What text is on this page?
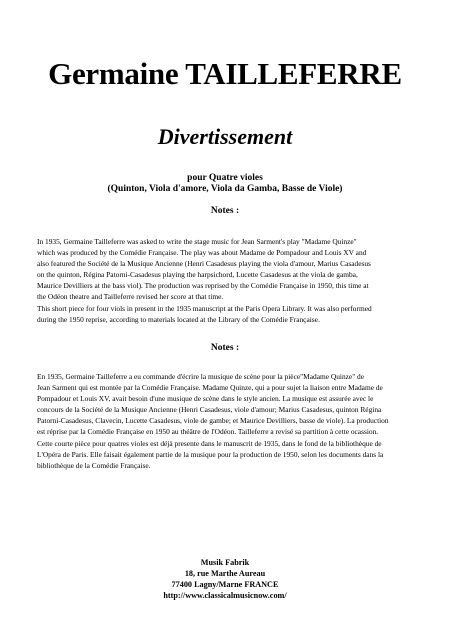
Germaine TAILLEFERRE
Divertissement
pour Quatre violes
(Quinton, Viola d'amore, Viola da Gamba, Basse de Viole)
Notes :
In 1935, Germaine Tailleferre was asked to write the stage music for Jean Sarment's play "Madame Quinze"
which was produced by the Comédie Française. The play was about Madame de Pompadour and Louis XV and
also featured the Société de la Musique Ancienne (Henri Casadesus playing the viola d'amour, Marius Casadesus
on the quinton, Régina Patorni-Casadesus playing the harpsichord, Lucette Casadesus at the viola de gamba,
Maurice Devilliers at the bass viol). The production was reprised by the Comédie Française in 1950, this time at
the Odéon theatre and Tailleferre revised her score at that time.
This short piece for four viols in present in the 1935 manuscript at the Paris Opera Library. It was also performed
during the 1950 reprise, according to materials located at the Library of the Comédie Française.
Notes :
En 1935, Germaine Tailleferre a eu commande d'écrire la musique de scène pour la pièce"Madame Quinze" de
Jean Sarment qui est montée par la Comédie Française. Madame Quinze, qui a pour sujet la liaison entre Madame de
Pompadour et Louis XV, avait besoin d'une musique de scène dans le style ancien. La musique est assurée avec le
concours de la Société de la Musique Ancienne (Henri Casadesus, viole d'amour; Marius Casadesus, quinton Régina
Patorni-Casadesus, Clavecin, Lucette Casadesus, viole de gambe; et Maurice Devilliers, basse de viole). La production
est réprise par la Comédie Française en 1950 au théâtre de l'Odéon. Tailleferre a revisé sa partition à cette ocassion.
Cette courte pièce pour quatres violes est déjà presente dans le manuscrit de 1935, dans le fond de la bibliothèque de
L'Opéra de Paris. Elle faisait également partie de la musique pour la production de 1950, selon les documents dans la
bibliothèque de la Comédie Française.
Musik Fabrik
18, rue Marthe Aureau
77400 Lagny/Marne FRANCE
http://www.classicalmusicnow.com/
